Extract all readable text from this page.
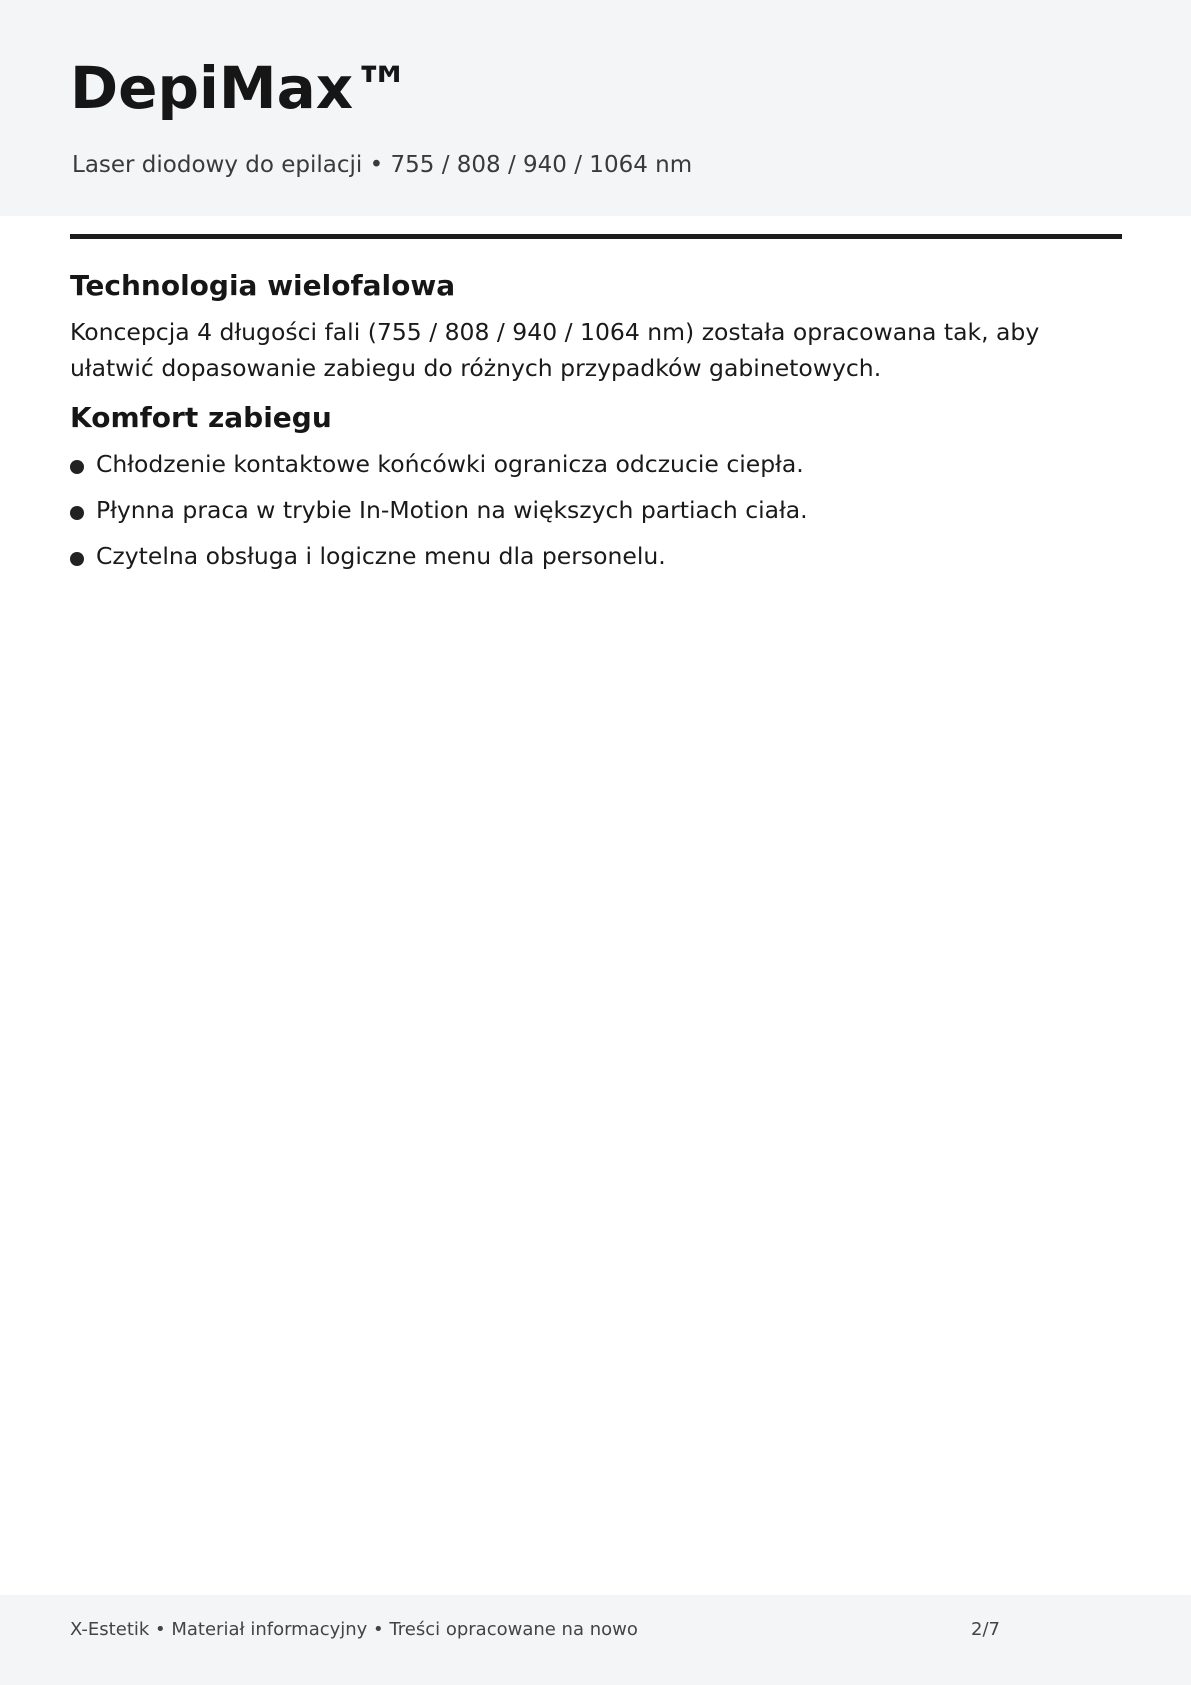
DepiMax™

Laser diodowy do epilacji • 755 / 808 / 940 / 1064 nm

Technologia wielofalowa

Koncepcja 4 długości fali (755 / 808 / 940 / 1064 nm) została opracowana tak, aby ułatwić dopasowanie zabiegu do różnych przypadków gabinetowych.

Komfort zabiegu
Chłodzenie kontaktowe końcówki ogranicza odczucie ciepła.
Płynna praca w trybie In-Motion na większych partiach ciała.
Czytelna obsługa i logiczne menu dla personelu.
X-Estetik • Materiał informacyjny • Treści opracowane na nowo	2/7
